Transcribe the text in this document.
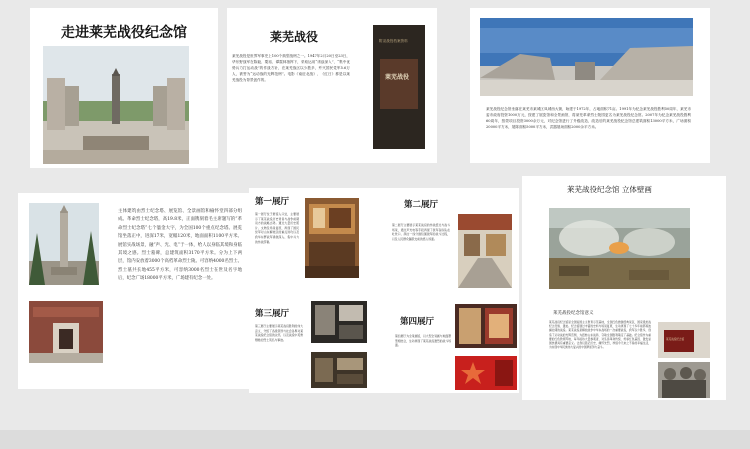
走进莱芜战役纪念馆	莱芜战役
莱芜战役是世界军事史上100个典型战例之一。1947年2月20日至23日，华东野战军在陈毅、粟裕、谭震林指挥下，采取运用“诱敌深入”、“集中优势兵力打运动战”的作战方针，在莱芜战区以少胜多，歼灭国民党军5.6万人，被誉为“运动战的光辉范例”。电影《南征北战》、《红日》都是以莱芜战役为背景创作的。
附录战役档案资料
莱芜战役
莱芜战役纪念馆坐落在莱芜市莱城区凤城西大街，始建于1972年，占地面积71亩。1991年为纪念莱芜战役胜利50周年，莱芜市委市政府投资1000万元，按建了展览馆和全景画馆，将莱芜革命烈士陵园更名为莱芜战役纪念馆。2007年为纪念莱芜战役胜利60周年，按蒙项目投资3000余万元，对纪念馆进行了升级改造，改造后的莱芜战役纪念馆总建筑面积13000平方米，广场面积20000平方米，展陈面积5000平方米，武器展场面积2000余平方米。
主体建筑由烈士纪念塔、展览馆、全景画馆和榆怀堂四部分组成。革命烈士纪念塔，高19.8米，正面镌刻着毛主席题写的“革命烈士纪念塔”七个鎏金大字，为全国100个重点纪念塔。展览馆坐落正中，进深17米，宽幅120米，地面面积1100平方米。展馆实战场景，融“声、光、电”于一体，给人以身临其境和身临其境之感。烈士墓碑，总建筑面积3170平方米。分为上下两层，馆内安放着3000个高档革命烈士陵。可容纳4000名烈士。烈士墓共长地455平方米，可容纳3000名烈士在世及名字地后，纪念广场18000平方米，广场建有纪念一处。
第一展厅
第一展厅位于展馆入口处，主要展示了莱芜战役历史背景与战争前期双方的战略态势。通过大量历史照片、文物及场景复原，再现了国民党军对山东解放区的重点进攻以及我华东野战军诱敌深入、集中兵力的作战部署。
第二展厅
第二展厅主要展示莱芜战役的作战经过与战斗场景，通过声光电等手段再现了我军各纵队在吐丝口、颜庄一线分割包围敌军的战斗过程，以及人民群众踊跃支前的感人场面。
第三展厅
第三展厅主要展示莱芜战役胜利的伟大意义，介绍了各级领导与社会各界对莱芜战役纪念馆的关怀，以及战役中英勇牺牲的烈士英名与事迹。
第四展厅
第四展厅为全景画馆，以大型全景画与地面塑型相结合，生动再现了莱芜战役激烈的战斗场面。
莱芜战役纪念馆 立体壁画
莱芜战役纪念馆意义
莱芜战役纪念馆是全国爱国主义教育示范基地，全国红色旅游经典景区，国家级抗战纪念设施、遗址。纪念馆通过丰富的史料与场景复原，生动再现了七十多年前那场波澜壮阔的战役。莱芜战役是解放战争中华东战场的一次重要战役，我军以少胜多，创造了运动战的光辉范例，为扭转山东战局、夺取全国胜利奠定了基础。纪念馆作为重要的红色教育阵地，每年接待大量参观者，对弘扬革命传统、传承红色基因、激发爱国热情具有重要意义。让我们铭记历史，缅怀先烈，珍惜今天来之不易的幸福生活，为实现中华民族伟大复兴的中国梦而努力奋斗。
莱芜战役纪念馆
